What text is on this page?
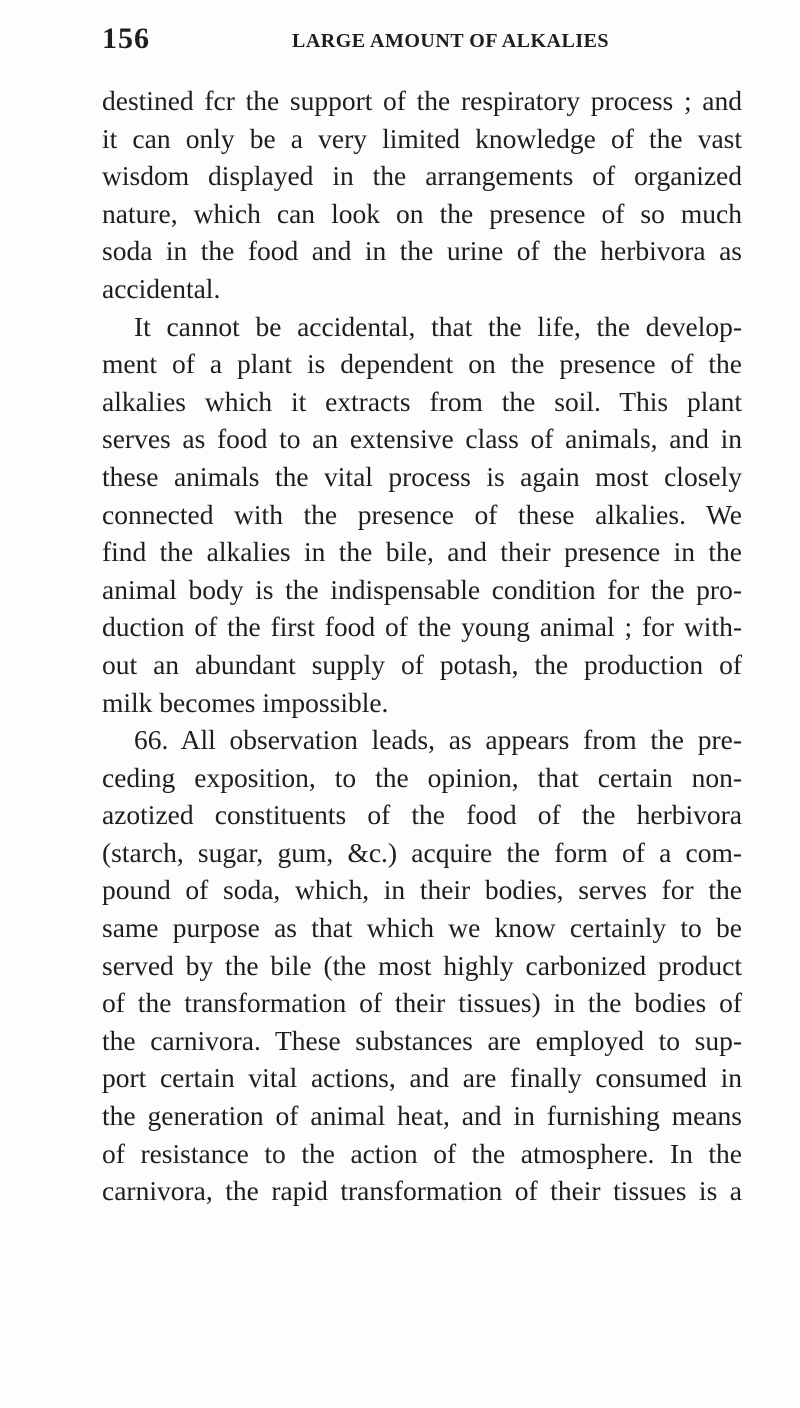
156	LARGE AMOUNT OF ALKALIES
destined fcr the support of the respiratory process ; and
it can only be a very limited knowledge of the vast
wisdom displayed in the arrangements of organized
nature, which can look on the presence of so much
soda in the food and in the urine of the herbivora as
accidental.
It cannot be accidental, that the life, the develop-
ment of a plant is dependent on the presence of the
alkalies which it extracts from the soil. This plant
serves as food to an extensive class of animals, and in
these animals the vital process is again most closely
connected with the presence of these alkalies. We
find the alkalies in the bile, and their presence in the
animal body is the indispensable condition for the pro-
duction of the first food of the young animal ; for with-
out an abundant supply of potash, the production of
milk becomes impossible.
66. All observation leads, as appears from the pre-
ceding exposition, to the opinion, that certain non-
azotized constituents of the food of the herbivora
(starch, sugar, gum, &c.) acquire the form of a com-
pound of soda, which, in their bodies, serves for the
same purpose as that which we know certainly to be
served by the bile (the most highly carbonized product
of the transformation of their tissues) in the bodies of
the carnivora. These substances are employed to sup-
port certain vital actions, and are finally consumed in
the generation of animal heat, and in furnishing means
of resistance to the action of the atmosphere. In the
carnivora, the rapid transformation of their tissues is a
